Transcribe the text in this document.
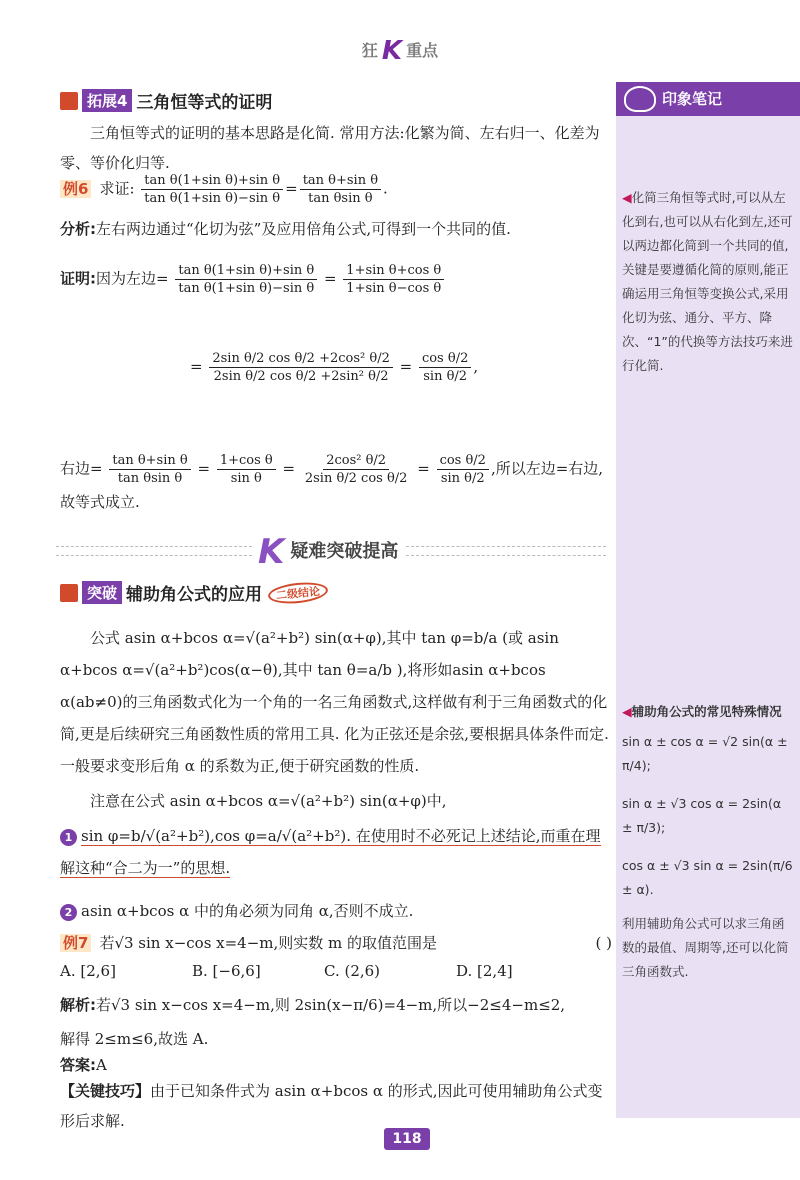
狂 K 重点
印象笔记
◀化简三角恒等式时,可以从左化到右,也可以从右化到左,还可以两边都化简到一个共同的值,关键是要遵循化简的原则,能正确运用三角恒等变换公式,采用化切为弦、通分、平方、降次、“1”的代换等方法技巧来进行化简.
◀辅助角公式的常见特殊情况
sin α ± cos α = √2 sin(α ± π/4);
sin α ± √3 cos α = 2sin(α ± π/3);
cos α ± √3 sin α = 2sin(π/6 ± α).
利用辅助角公式可以求三角函数的最值、周期等,还可以化简三角函数式.
拓展4 三角恒等式的证明
三角恒等式的证明的基本思路是化简. 常用方法:化繁为简、左右归一、化差为零、等价化归等.
例6 求证: $\frac{\text{tan θ(1+sin θ)+sin θ}}{\text{tan θ(1+sin θ)−sin θ}} = \frac{\text{tan θ+sin θ}}{\text{tan θsin θ}}$ .
分析:左右两边通过“化切为弦”及应用倍角公式,可得到一个共同的值.
证明:因为左边= $\frac{\text{tan θ(1+sin θ)+sin θ}}{\text{tan θ(1+sin θ)−sin θ}} = \frac{\text{1+sin θ+cos θ}}{\text{1+sin θ−cos θ}}$
= $\frac{\text{2sin θ/2 cos θ/2 +2cos² θ/2}}{\text{2sin θ/2 cos θ/2 +2sin² θ/2}} = \frac{\text{cos θ/2}}{\text{sin θ/2}}$ ,
右边= $\frac{\text{tan θ+sin θ}}{\text{tan θsin θ}} = \frac{\text{1+cos θ}}{\text{sin θ}} = \frac{\text{2cos² θ/2}}{\text{2sin θ/2 cos θ/2}} = \frac{\text{cos θ/2}}{\text{sin θ/2}}$ ,所以左边=右边,故等式成立.
K疑难突破提高
突破 辅助角公式的应用	二级结论
公式 asin α+bcos α=√(a²+b²) sin(α+φ),其中 tan φ=b/a (或 asin α+bcos α=√(a²+b²)cos(α−θ),其中 tan θ=a/b ),将形如asin α+bcos α(ab≠0)的三角函数式化为一个角的一名三角函数式,这样做有利于三角函数式的化简,更是后续研究三角函数性质的常用工具. 化为正弦还是余弦,要根据具体条件而定. 一般要求变形后角 α 的系数为正,便于研究函数的性质.
注意在公式 asin α+bcos α=√(a²+b²) sin(α+φ)中,
1 sin φ=b/√(a²+b²),cos φ=a/√(a²+b²). 在使用时不必死记上述结论,而重在理解这种“合二为一”的思想.
2 asin α+bcos α 中的角必须为同角 α,否则不成立.
例7 若√3 sin x−cos x=4−m,则实数 m 的取值范围是	( )
A. [2,6]	B. [−6,6]	C. (2,6)	D. [2,4]
解析:若√3 sin x−cos x=4−m,则 2sin(x−π/6)=4−m,所以−2≤4−m≤2,
解得 2≤m≤6,故选 A.
答案:A
【关键技巧】由于已知条件式为 asin α+bcos α 的形式,因此可使用辅助角公式变形后求解.
118
